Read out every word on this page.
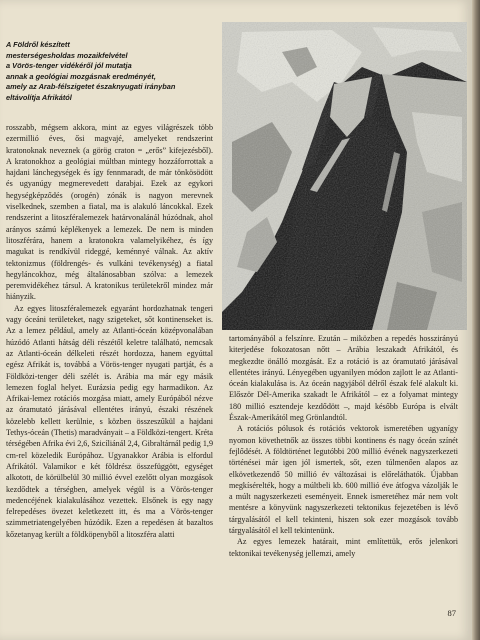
A Földről készített
mesterségesholdas mozaikfelvétel
a Vörös-tenger vidékéről jól mutatja
annak a geológiai mozgásnak eredményét,
amely az Arab-félszigetet északnyugati irányban
eltávolítja Afrikától

rosszabb, mégsem akkora, mint az egyes világrészek több ezermillió éves, ősi magvajé, amelyeket rendszerint kratonoknak neveznek (a görög craton = „erős” kifejezésből). A kratonokhoz a geológiai múltban mintegy hozzáforrottak a hajdani lánchegységek és így fennmaradt, de már tönkösödött és ugyanúgy megmerevedett darabjai. Ezek az egykori hegységképződés (orogén) zónák is nagyon merevnek viselkednek, szemben a fiatal, ma is alakuló láncokkal. Ezek rendszerint a litoszféralemezek határvonalánál húzódnak, ahol arányos számú képlékenyek a lemezek. De nem is minden litoszférára, hanem a kratonokra valamelyikéhez, és így magukat is rendkívül rideggé, keménnyé válnak. Az aktív tektonizmus (földrengés- és vulkáni tevékenység) a fiatal hegyláncokhoz, még általánosabban szólva: a lemezek peremvidékéhez társul. A kratonikus területekről mindez már hiányzik.

Az egyes litoszféralemezek egyaránt hordozhatnak tengeri vagy óceáni területeket, nagy szigeteket, sőt kontinenseket is. Az a lemez például, amely az Atlanti-óceán középvonalában húzódó Atlanti hátság déli részétől keletre található, nemcsak az Atlanti-óceán délkeleti részét hordozza, hanem egyúttal egész Afrikát is, továbbá a Vörös-tenger nyugati partját, és a Földközi-tenger déli szélét is. Arábia ma már egy másik lemezen foglal helyet. Eurázsia pedig egy harmadikon. Az Afrikai-lemez rotációs mozgása miatt, amely Európából nézve az óramutató járásával ellentétes irányú, északi részének közelebb kellett kerülnie, s közben összeszűkül a hajdani Tethys-óceán (Thetis) maradványait – a Földközi-tengert. Kréta térségében Afrika évi 2,6, Szicíliánál 2,4, Gibraltárnál pedig 1,9 cm-rel közeledik Európához. Ugyanakkor Arábia is elfordul Afrikától. Valamikor e két földrész összefüggött, egységet alkotott, de körülbelül 30 millió évvel ezelőtt olyan mozgások kezdődtek a térségben, amelyek végül is a Vörös-tenger medencéjének kialakulásához vezettek. Elsőnek is egy nagy felrepedéses övezet keletkezett itt, és ma a Vörös-tenger szimmetriatengelyében húzódik. Ezen a repedésen át bazaltos kőzetanyag került a földköpenyből a litoszféra alatti

tartományából a felszínre. Ezután – miközben a repedés hosszirányú kiterjedése fokozatosan nőtt – Arábia leszakadt Afrikától, és megkezdte önálló mozgását. Ez a rotáció is az óramutató járásával ellentétes irányú. Lényegében ugyanilyen módon zajlott le az Atlanti-óceán kialakulása is. Az óceán nagyjából délről észak felé alakult ki. Először Dél-Amerika szakadt le Afrikától – ez a folyamat mintegy 180 millió esztendeje kezdődött –, majd később Európa is elvált Észak-Amerikától meg Grönlandtól.

A rotációs pólusok és rotációs vektorok ismeretében ugyanígy nyomon követhetnők az összes többi kontinens és nagy óceán színét fejlődését. A földtörténet legutóbbi 200 millió évének nagyszerkezeti történései már igen jól ismertek, sőt, ezen túlmenően alapos az elkövetkezendő 50 millió év változásai is előreláthatók. Újabban megkísérelték, hogy a múltbeli kb. 600 millió éve átfogva vázolják le a múlt nagyszerkezeti eseményeit. Ennek ismeretéhez már nem volt mentésre a könyvünk nagyszerkezeti tektonikus fejezetében is lévő tárgyalásától el kell tekinteni, hiszen sok ezer mozgások tovább tárgyalásától el kell tekintenünk.

Az egyes lemezek határait, mint említettük, erős jelenkori tektonikai tevékenység jellemzi, amely

87
